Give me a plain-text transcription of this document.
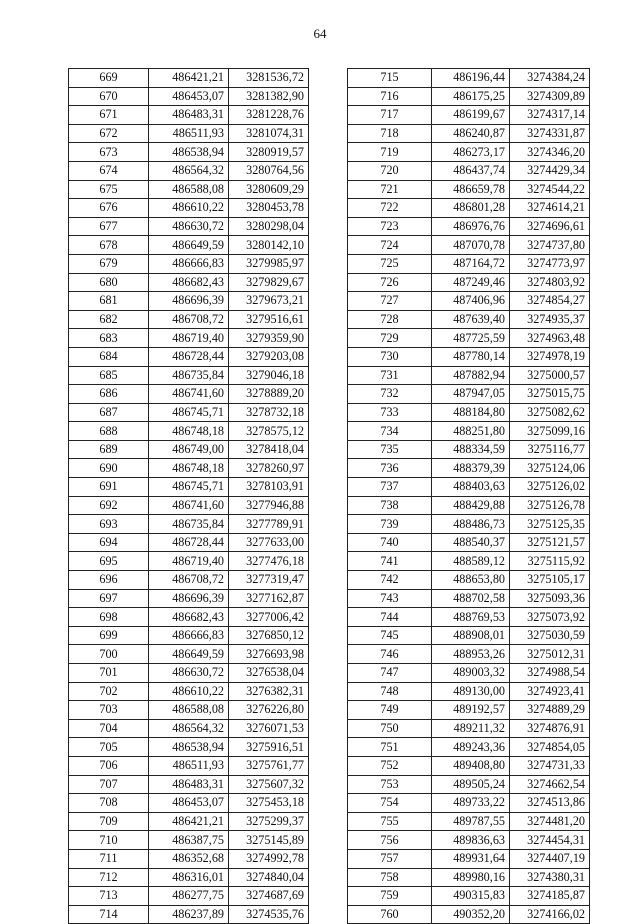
64
669	486421,21	3281536,72
670	486453,07	3281382,90
671	486483,31	3281228,76
672	486511,93	3281074,31
673	486538,94	3280919,57
674	486564,32	3280764,56
675	486588,08	3280609,29
676	486610,22	3280453,78
677	486630,72	3280298,04
678	486649,59	3280142,10
679	486666,83	3279985,97
680	486682,43	3279829,67
681	486696,39	3279673,21
682	486708,72	3279516,61
683	486719,40	3279359,90
684	486728,44	3279203,08
685	486735,84	3279046,18
686	486741,60	3278889,20
687	486745,71	3278732,18
688	486748,18	3278575,12
689	486749,00	3278418,04
690	486748,18	3278260,97
691	486745,71	3278103,91
692	486741,60	3277946,88
693	486735,84	3277789,91
694	486728,44	3277633,00
695	486719,40	3277476,18
696	486708,72	3277319,47
697	486696,39	3277162,87
698	486682,43	3277006,42
699	486666,83	3276850,12
700	486649,59	3276693,98
701	486630,72	3276538,04
702	486610,22	3276382,31
703	486588,08	3276226,80
704	486564,32	3276071,53
705	486538,94	3275916,51
706	486511,93	3275761,77
707	486483,31	3275607,32
708	486453,07	3275453,18
709	486421,21	3275299,37
710	486387,75	3275145,89
711	486352,68	3274992,78
712	486316,01	3274840,04
713	486277,75	3274687,69
714	486237,89	3274535,76
715	486196,44	3274384,24
716	486175,25	3274309,89
717	486199,67	3274317,14
718	486240,87	3274331,87
719	486273,17	3274346,20
720	486437,74	3274429,34
721	486659,78	3274544,22
722	486801,28	3274614,21
723	486976,76	3274696,61
724	487070,78	3274737,80
725	487164,72	3274773,97
726	487249,46	3274803,92
727	487406,96	3274854,27
728	487639,40	3274935,37
729	487725,59	3274963,48
730	487780,14	3274978,19
731	487882,94	3275000,57
732	487947,05	3275015,75
733	488184,80	3275082,62
734	488251,80	3275099,16
735	488334,59	3275116,77
736	488379,39	3275124,06
737	488403,63	3275126,02
738	488429,88	3275126,78
739	488486,73	3275125,35
740	488540,37	3275121,57
741	488589,12	3275115,92
742	488653,80	3275105,17
743	488702,58	3275093,36
744	488769,53	3275073,92
745	488908,01	3275030,59
746	488953,26	3275012,31
747	489003,32	3274988,54
748	489130,00	3274923,41
749	489192,57	3274889,29
750	489211,32	3274876,91
751	489243,36	3274854,05
752	489408,80	3274731,33
753	489505,24	3274662,54
754	489733,22	3274513,86
755	489787,55	3274481,20
756	489836,63	3274454,31
757	489931,64	3274407,19
758	489980,16	3274380,31
759	490315,83	3274185,87
760	490352,20	3274166,02
